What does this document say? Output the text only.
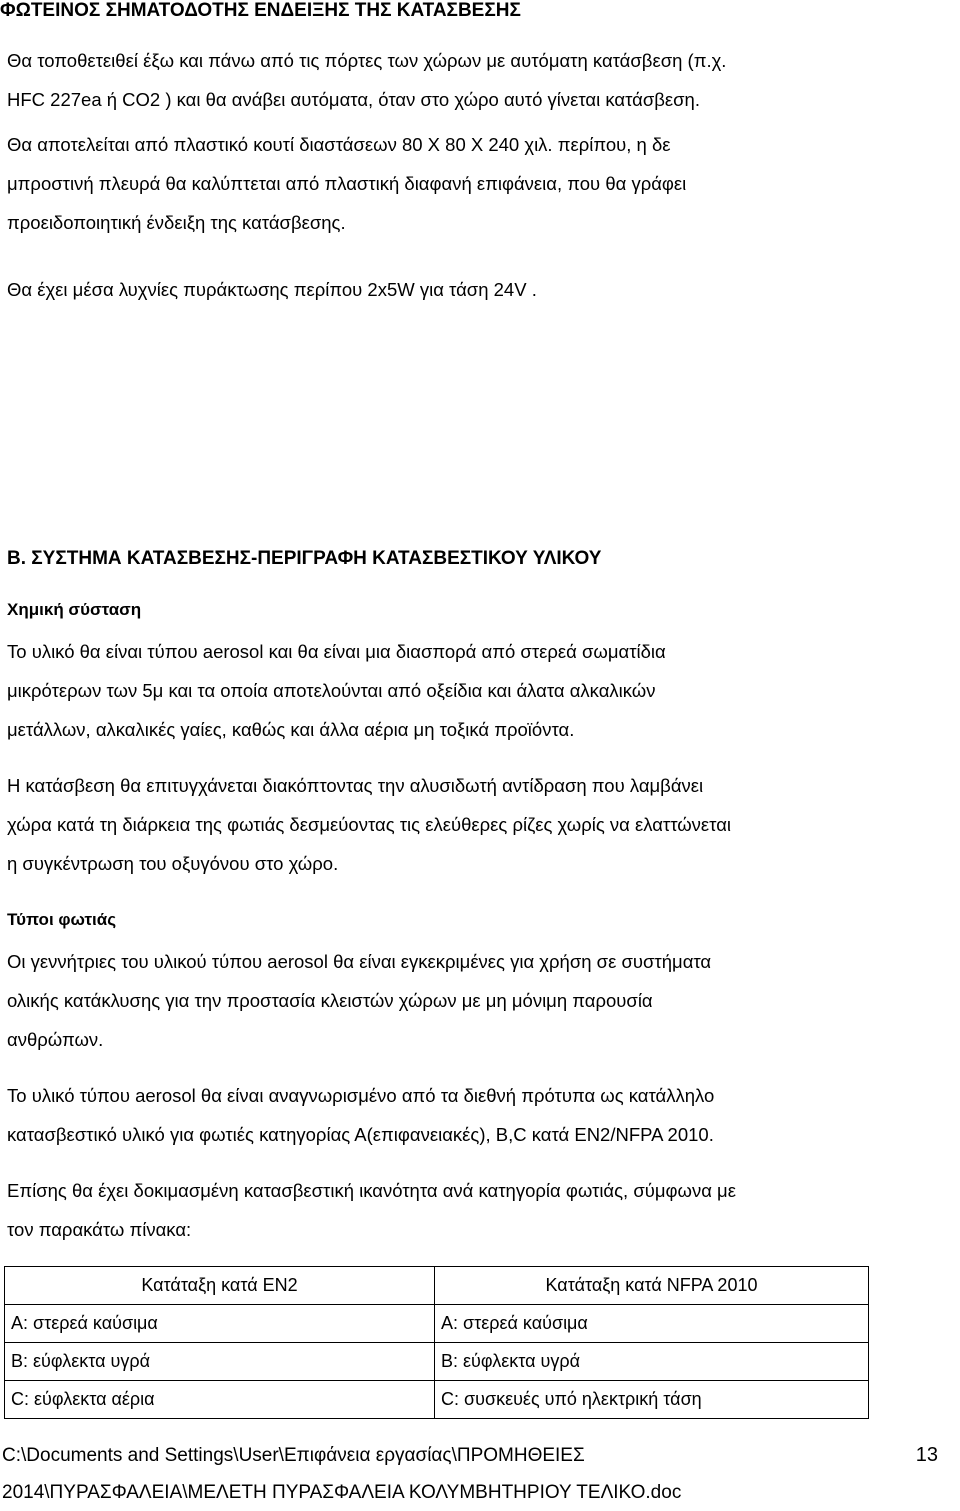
ΦΩΤΕΙΝΟΣ ΣΗΜΑΤΟΔΟΤΗΣ ΕΝΔΕΙΞΗΣ ΤΗΣ ΚΑΤΑΣΒΕΣΗΣ

Θα τοποθετειθεί έξω και πάνω από τις πόρτες των χώρων με αυτόματη κατάσβεση (π.χ.
HFC 227ea ή CO2 ) και θα ανάβει αυτόματα, όταν στο χώρο αυτό γίνεται κατάσβεση.

Θα αποτελείται από πλαστικό κουτί διαστάσεων 80 Χ 80 Χ 240 χιλ. περίπου, η δε
μπροστινή πλευρά θα καλύπτεται από πλαστική διαφανή επιφάνεια, που θα γράφει
προειδοποιητική ένδειξη της κατάσβεσης.

Θα έχει μέσα λυχνίες πυράκτωσης περίπου 2x5W για τάση 24V .

Β. ΣΥΣΤΗΜΑ ΚΑΤΑΣΒΕΣΗΣ-ΠΕΡΙΓΡΑΦΗ ΚΑΤΑΣΒΕΣΤΙΚΟΥ ΥΛΙΚΟΥ
Χημική σύσταση

Το υλικό θα είναι τύπου aerosol και θα είναι μια διασπορά από στερεά σωματίδια
μικρότερων των 5μ και τα οποία αποτελούνται από οξείδια και άλατα αλκαλικών
μετάλλων, αλκαλικές γαίες, καθώς και άλλα αέρια μη τοξικά προϊόντα.

Η κατάσβεση θα επιτυγχάνεται διακόπτοντας την αλυσιδωτή αντίδραση που λαμβάνει
χώρα κατά τη διάρκεια της φωτιάς δεσμεύοντας τις ελεύθερες ρίζες χωρίς να ελαττώνεται
η συγκέντρωση του οξυγόνου στο χώρο.

Τύποι φωτιάς

Οι γεννήτριες του υλικού τύπου aerosol θα είναι εγκεκριμένες για χρήση σε συστήματα
ολικής κατάκλυσης για την προστασία κλειστών χώρων με μη μόνιμη παρουσία
ανθρώπων.

Το υλικό τύπου aerosol θα είναι αναγνωρισμένο από τα διεθνή πρότυπα ως κατάλληλο
κατασβεστικό υλικό για φωτιές κατηγορίας Α(επιφανειακές), Β,C κατά ΕΝ2/NFPA 2010.

Επίσης θα έχει δοκιμασμένη κατασβεστική ικανότητα ανά κατηγορία φωτιάς, σύμφωνα με
τον παρακάτω πίνακα:

Κατάταξη κατά ΕΝ2	Κατάταξη κατά NFPA 2010
Α: στερεά καύσιμα	Α: στερεά καύσιμα
Β: εύφλεκτα υγρά	Β: εύφλεκτα υγρά
C: εύφλεκτα αέρια	C: συσκευές υπό ηλεκτρική τάση
C:\Documents and Settings\User\Επιφάνεια εργασίας\ΠΡΟΜΗΘΕΙΕΣ
2014\ΠΥΡΑΣΦΑΛΕΙΑ\ΜΕΛΕΤΗ ΠΥΡΑΣΦΑΛΕΙΑ ΚΟΛΥΜΒΗΤΗΡΙΟΥ ΤΕΛΙΚΟ.doc
13
